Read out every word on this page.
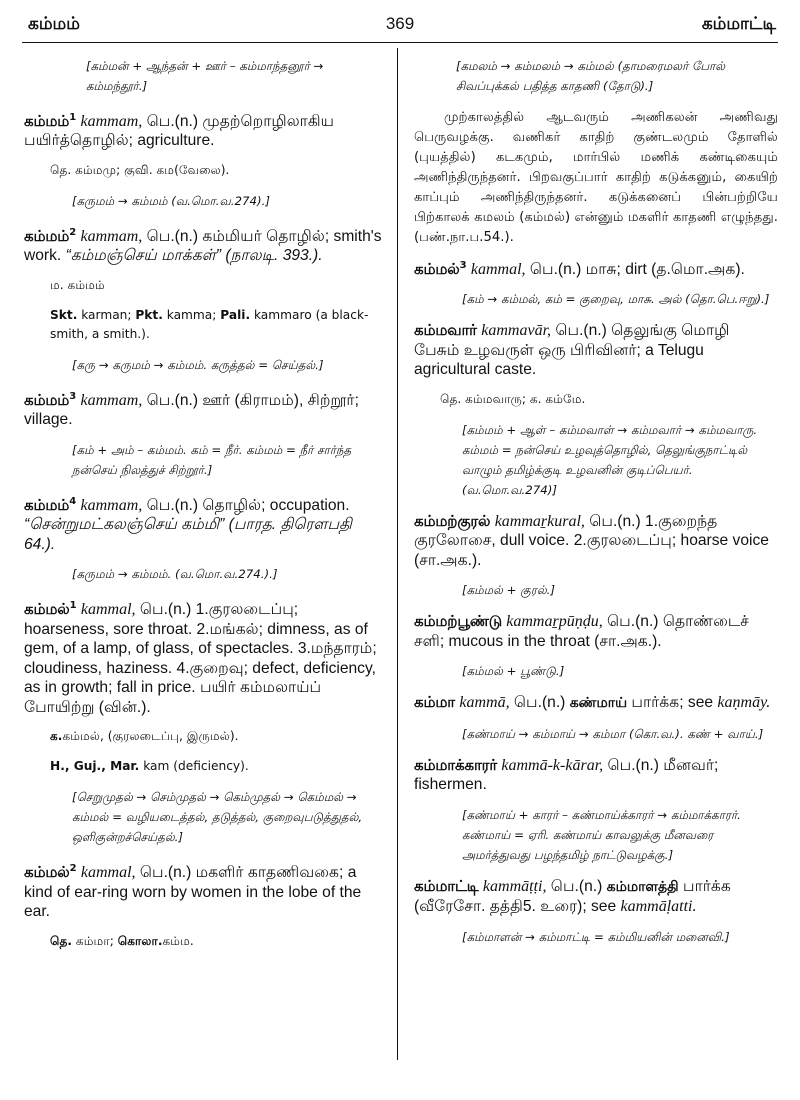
கம்மம்	369	கம்மாட்டி
[கம்மன் + ஆந்தன் + ஊர் – கம்மாந்தனூர் → கம்மந்தூர்.]
கம்மம்$^1$ kammam, பெ.(n.) முதற்றொழிலாகிய பயிர்த்தொழில்; agriculture.
தெ. கம்மமு; குவி. கம(வேலை).
[கருமம் → கம்மம் (வ.மொ.வ.274).]
கம்மம்$^2$ kammam, பெ.(n.) கம்மியர் தொழில்; smith's work. “கம்மஞ்செய் மாக்கள்” (நாலடி. 393.).
ம. கம்மம்
Skt. karman; Pkt. kamma; Pali. kammaro (a black-smith, a smith.).
[கரு → கருமம் → கம்மம். கருத்தல் = செய்தல்.]
கம்மம்$^3$ kammam, பெ.(n.) ஊர் (கிராமம்), சிற்றூர்; village.
[கம் + அம் – கம்மம். கம் = நீர். கம்மம் = நீர் சார்ந்த நன்செய் நிலத்துச் சிற்றூர்.]
கம்மம்$^4$ kammam, பெ.(n.) தொழில்; occupation. “சென்றுமட்கலஞ்செய் கம்மி” (பாரத. திரௌபதி 64.).
[கருமம் → கம்மம். (வ.மொ.வ.274.).]
கம்மல்$^1$ kammal, பெ.(n.) 1.குரலடைப்பு; hoarseness, sore throat. 2.மங்கல்; dimness, as of gem, of a lamp, of glass, of spectacles. 3.மந்தாரம்; cloudiness, haziness. 4.குறைவு; defect, deficiency, as in growth; fall in price. பயிர் கம்மலாய்ப் போயிற்று (வின்.).
க.கம்மல், (குரலடைப்பு, இருமல்).
H., Guj., Mar. kam (deficiency).
[செறுமுதல் → செம்முதல் → கெம்முதல் → கெம்மல் → கம்மல் = வழியடைத்தல், தடுத்தல், குறைவுபடுத்துதல், ஒளிகுன்றச்செய்தல்.]
கம்மல்$^2$ kammal, பெ.(n.) மகளிர் காதணிவகை; a kind of ear-ring worn by women in the lobe of the ear.
தெ. கம்மா; கொலா.கம்ம.
[கமலம் → கம்மலம் → கம்மல் (தாமரைமலர் போல் சிவப்புக்கல் பதித்த காதணி (தோடு).]
முற்காலத்தில் ஆடவரும் அணிகலன் அணிவது பெருவழக்கு. வணிகர் காதிற் குண்டலமும் தோளில் (புயத்தில்) கடகமும், மார்பில் மணிக் கண்டிகையும் அணிந்திருந்தனர். பிறவகுப்பார் காதிற் கடுக்கனும், கையிற் காப்பும் அணிந்திருந்தனர். கடுக்கனைப் பின்பற்றியே பிற்காலக் கமலம் (கம்மல்) என்னும் மகளிர் காதணி எழுந்தது. (பண்.நா.ப.54.).
கம்மல்$^3$ kammal, பெ.(n.) மாசு; dirt (த.மொ.அக).
[கம் → கம்மல், கம் = குறைவு, மாசு. அல் (தொ.பெ.ஈறு).]
கம்மவார் kammavār, பெ.(n.) தெலுங்கு மொழி பேசும் உழவருள் ஒரு பிரிவினர்; a Telugu agricultural caste.
தெ. கம்மவாரு; க. கம்மே.
[கம்மம் + ஆள் – கம்மவாள் → கம்மவார் → கம்மவாரு. கம்மம் = நன்செய் உழவுத்தொழில், தெலுங்குநாட்டில் வாழும் தமிழ்க்குடி உழவனின் குடிப்பெயர். (வ.மொ.வ.274)]
கம்மற்குரல் kammaṟkural, பெ.(n.) 1.குறைந்த குரலோசை, dull voice. 2.குரலடைப்பு; hoarse voice (சா.அக.).
[கம்மல் + குரல்.]
கம்மற்பூண்டு kammaṟpūṇḍu, பெ.(n.) தொண்டைச் சளி; mucous in the throat (சா.அக.).
[கம்மல் + பூண்டு.]
கம்மா kammā, பெ.(n.) கண்மாய் பார்க்க; see kaṇmāy.
[கண்மாய் → கம்மாய் → கம்மா (கொ.வ.). கண் + வாய்.]
கம்மாக்காரர் kammā-k-kārar, பெ.(n.) மீனவர்; fishermen.
[கண்மாய் + காரர் – கண்மாய்க்காரர் → கம்மாக்காரர். கண்மாய் = ஏரி. கண்மாய் காவலுக்கு மீனவரை அமர்த்துவது பழந்தமிழ் நாட்டுவழக்கு.]
கம்மாட்டி kammāṭṭi, பெ.(n.) கம்மாளத்தி பார்க்க (வீரேசோ. தத்தி5. உரை); see kammāḷatti.
[கம்மாளன் → கம்மாட்டி = கம்மியனின் மனைவி.]
